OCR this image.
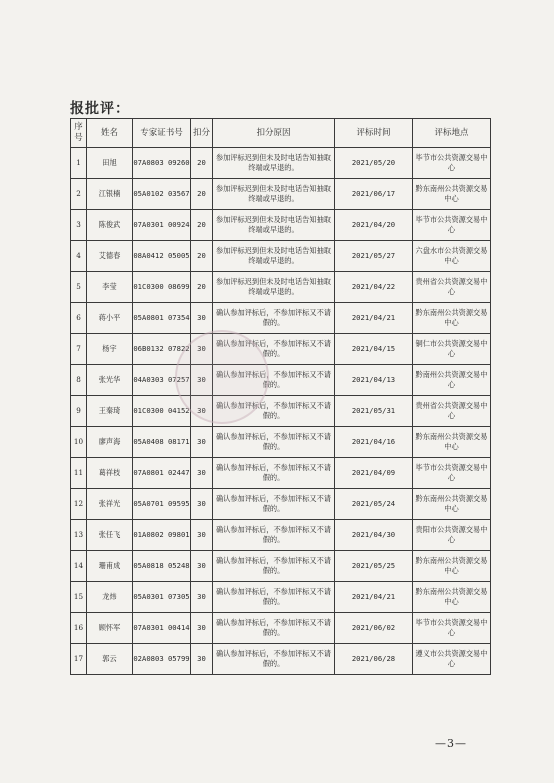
报批评：
序号	姓名	专家证书号	扣分	扣分原因	评标时间	评标地点
1	田旭	07A0803 09260	20	参加评标迟到但未及时电话告知抽取终端或早退的。	2021/05/20	毕节市公共资源交易中心
2	江银楠	05A0102 03567	20	参加评标迟到但未及时电话告知抽取终端或早退的。	2021/06/17	黔东南州公共资源交易中心
3	陈俊武	07A0301 00924	20	参加评标迟到但未及时电话告知抽取终端或早退的。	2021/04/20	毕节市公共资源交易中心
4	艾德春	08A0412 05005	20	参加评标迟到但未及时电话告知抽取终端或早退的。	2021/05/27	六盘水市公共资源交易中心
5	李莹	01C0300 08699	20	参加评标迟到但未及时电话告知抽取终端或早退的。	2021/04/22	贵州省公共资源交易中心
6	蒋小平	05A0801 07354	30	确认参加评标后，不参加评标又不请假的。	2021/04/21	黔东南州公共资源交易中心
7	杨宇	06B0132 07822	30	确认参加评标后，不参加评标又不请假的。	2021/04/15	铜仁市公共资源交易中心
8	张光华	04A0303 07257	30	确认参加评标后，不参加评标又不请假的。	2021/04/13	黔南州公共资源交易中心
9	王秦琦	01C0300 04152	30	确认参加评标后，不参加评标又不请假的。	2021/05/31	贵州省公共资源交易中心
10	廖声海	05A0408 08171	30	确认参加评标后，不参加评标又不请假的。	2021/04/16	黔东南州公共资源交易中心
11	葛祥枝	07A0801 02447	30	确认参加评标后，不参加评标又不请假的。	2021/04/09	毕节市公共资源交易中心
12	张祥光	05A0701 09595	30	确认参加评标后，不参加评标又不请假的。	2021/05/24	黔东南州公共资源交易中心
13	张任飞	01A0802 09801	30	确认参加评标后，不参加评标又不请假的。	2021/04/30	贵阳市公共资源交易中心
14	珊甫成	05A0818 05248	30	确认参加评标后，不参加评标又不请假的。	2021/05/25	黔东南州公共资源交易中心
15	龙炜	05A0301 07305	30	确认参加评标后，不参加评标又不请假的。	2021/04/21	黔东南州公共资源交易中心
16	顾怀军	07A0301 00414	30	确认参加评标后，不参加评标又不请假的。	2021/06/02	毕节市公共资源交易中心
17	郭云	02A0803 05799	30	确认参加评标后，不参加评标又不请假的。	2021/06/28	遵义市公共资源交易中心
—3—
